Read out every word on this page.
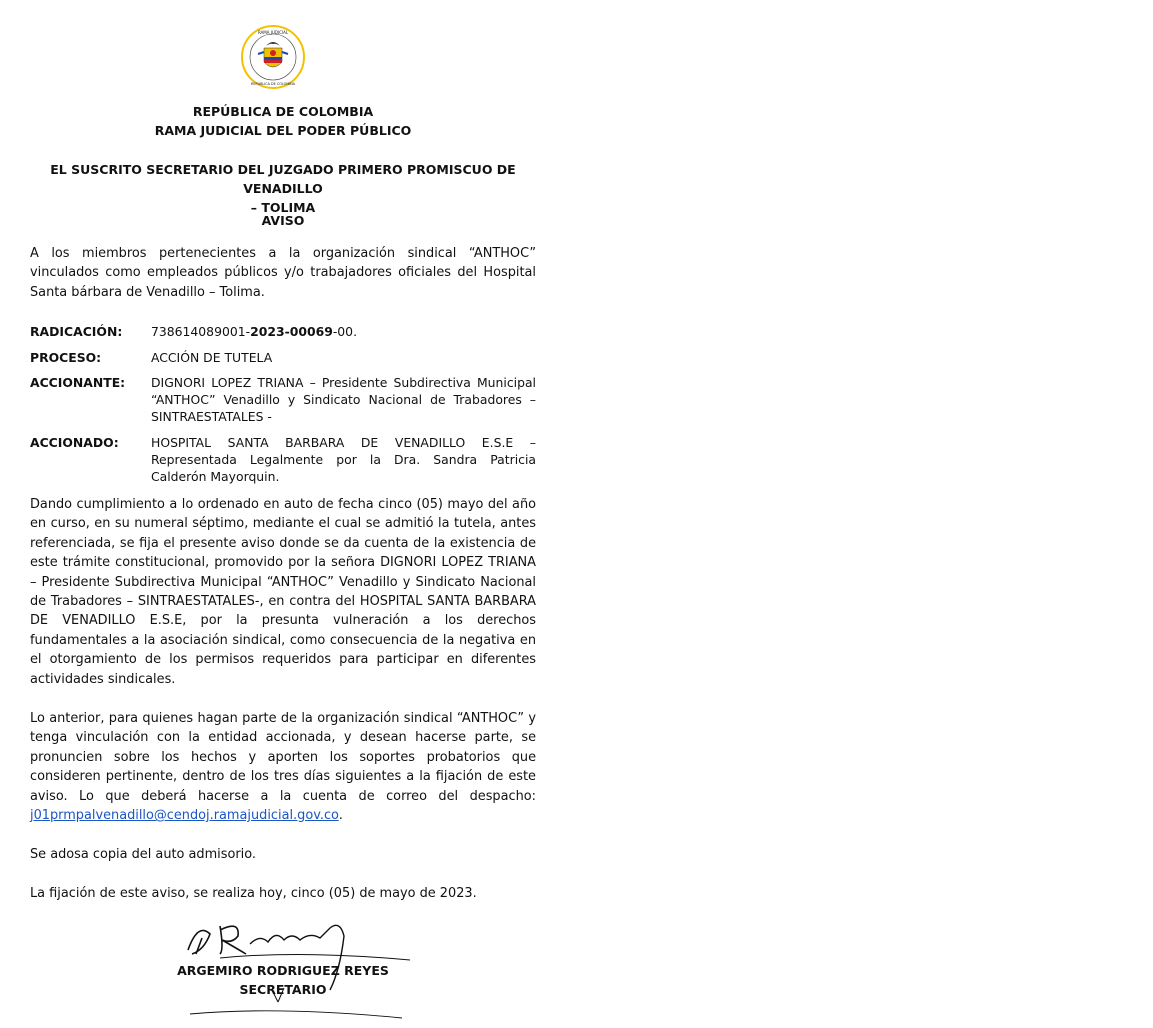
RAMA JUDICIAL
REPÚBLICA DE COLOMBIA

REPÚBLICA DE COLOMBIA

RAMA JUDICIAL DEL PODER PÚBLICO

EL SUSCRITO SECRETARIO DEL JUZGADO PRIMERO PROMISCUO DE VENADILLO

– TOLIMA

AVISO

A los miembros pertenecientes a la organización sindical “ANTHOC” vinculados como empleados públicos y/o trabajadores oficiales del Hospital Santa bárbara de Venadillo – Tolima.

RADICACIÓN:	738614089001-2023-00069-00.
PROCESO:	ACCIÓN DE TUTELA
ACCIONANTE:	DIGNORI LOPEZ TRIANA – Presidente Subdirectiva Municipal “ANTHOC” Venadillo y Sindicato Nacional de Trabadores – SINTRAESTATALES -
ACCIONADO:	HOSPITAL SANTA BARBARA DE VENADILLO E.S.E – Representada Legalmente por la Dra. Sandra Patricia Calderón Mayorquin.

Dando cumplimiento a lo ordenado en auto de fecha cinco (05) mayo del año en curso, en su numeral séptimo, mediante el cual se admitió la tutela, antes referenciada, se fija el presente aviso donde se da cuenta de la existencia de este trámite constitucional, promovido por la señora DIGNORI LOPEZ TRIANA – Presidente Subdirectiva Municipal “ANTHOC” Venadillo y Sindicato Nacional de Trabadores – SINTRAESTATALES-, en contra del HOSPITAL SANTA BARBARA DE VENADILLO E.S.E, por la presunta vulneración a los derechos fundamentales a la asociación sindical, como consecuencia de la negativa en el otorgamiento de los permisos requeridos para participar en diferentes actividades sindicales.

Lo anterior, para quienes hagan parte de la organización sindical “ANTHOC” y tenga vinculación con la entidad accionada, y desean hacerse parte, se pronuncien sobre los hechos y aporten los soportes probatorios que consideren pertinente, dentro de los tres días siguientes a la fijación de este aviso. Lo que deberá hacerse a la cuenta de correo del despacho: j01prmpalvenadillo@cendoj.ramajudicial.gov.co.

Se adosa copia del auto admisorio.

La fijación de este aviso, se realiza hoy, cinco (05) de mayo de 2023.

ARGEMIRO RODRIGUEZ REYES

SECRETARIO
